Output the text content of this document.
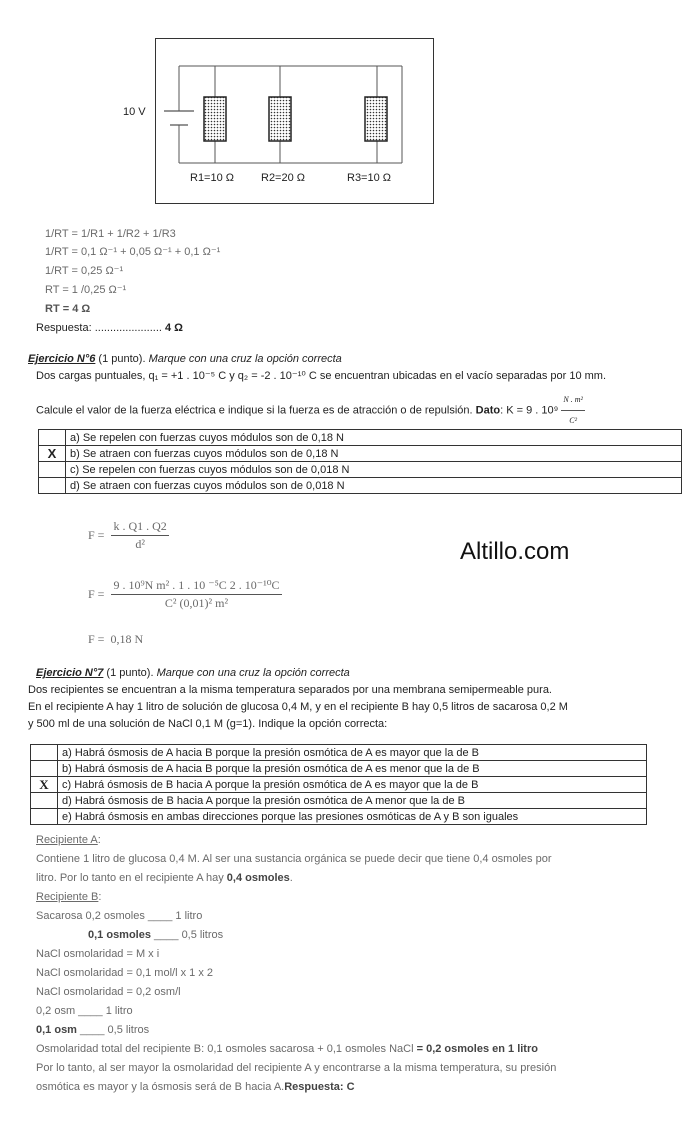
10 V
R1=10 Ω R2=20 Ω	R3=10 Ω
1/RT = 1/R1 + 1/R2 + 1/R3
1/RT = 0,1 Ω⁻¹ + 0,05 Ω⁻¹ + 0,1 Ω⁻¹
1/RT = 0,25 Ω⁻¹
RT = 1 /0,25 Ω⁻¹
RT = 4 Ω
Respuesta: ...................... 4 Ω
Ejercicio N°6 (1 punto). Marque con una cruz la opción correcta
Dos cargas puntuales, q₁ = +1 . 10⁻⁵ C y q₂ = -2 . 10⁻¹⁰ C se encuentran ubicadas en el vacío separadas por 10 mm.
Calcule el valor de la fuerza eléctrica e indique si la fuerza es de atracción o de repulsión. Dato: K = 9 . $10^9 \frac{\text{N . m²}}{\text{C²}}$
	a) Se repelen con fuerzas cuyos módulos son de 0,18 N
X	b) Se atraen con fuerzas cuyos módulos son de 0,18 N
	c) Se repelen con fuerzas cuyos módulos son de 0,018 N
	d) Se atraen con fuerzas cuyos módulos son de 0,018 N
$F = \frac{k . Q1 . Q2}{\text{d²}}$	Altillo.com
$F = \frac{\text{9 . 10⁹N m² . 1 . 10 ⁻⁵C 2 . 10⁻¹⁰C}}{\text{C² (0,01)² m²}}$
F =  0,18 N
Ejercicio N°7 (1 punto). Marque con una cruz la opción correcta
Dos recipientes se encuentran a la misma temperatura separados por una membrana semipermeable pura.
En el recipiente A hay 1 litro de solución de glucosa 0,4 M, y en el recipiente B hay 0,5 litros de sacarosa 0,2 M
y 500 ml de una solución de NaCl 0,1 M (g=1). Indique la opción correcta:
	a) Habrá ósmosis de A hacia B porque la presión osmótica de A es mayor que la de B
	b) Habrá ósmosis de A hacia B porque la presión osmótica de A es menor que la de B
X	c) Habrá ósmosis de B hacia A porque la presión osmótica de A es mayor que la de B
	d) Habrá ósmosis de B hacia A porque la presión osmótica de A menor que la de B
	e) Habrá ósmosis en ambas direcciones porque las presiones osmóticas de A y B son iguales
Recipiente A:
Contiene 1 litro de glucosa 0,4 M. Al ser una sustancia orgánica se puede decir que tiene 0,4 osmoles por
litro. Por lo tanto en el recipiente A hay 0,4 osmoles.
Recipiente B:
Sacarosa 0,2 osmoles ____ 1 litro
0,1 osmoles ____ 0,5 litros
NaCl osmolaridad = M x i
NaCl osmolaridad = 0,1 mol/l x 1 x 2
NaCl osmolaridad = 0,2 osm/l
0,2 osm ____ 1 litro
0,1 osm ____ 0,5 litros
Osmolaridad total del recipiente B: 0,1 osmoles sacarosa + 0,1 osmoles NaCl = 0,2 osmoles en 1 litro
Por lo tanto, al ser mayor la osmolaridad del recipiente A y encontrarse a la misma temperatura, su presión
osmótica es mayor y la ósmosis será de B hacia A.Respuesta: C
